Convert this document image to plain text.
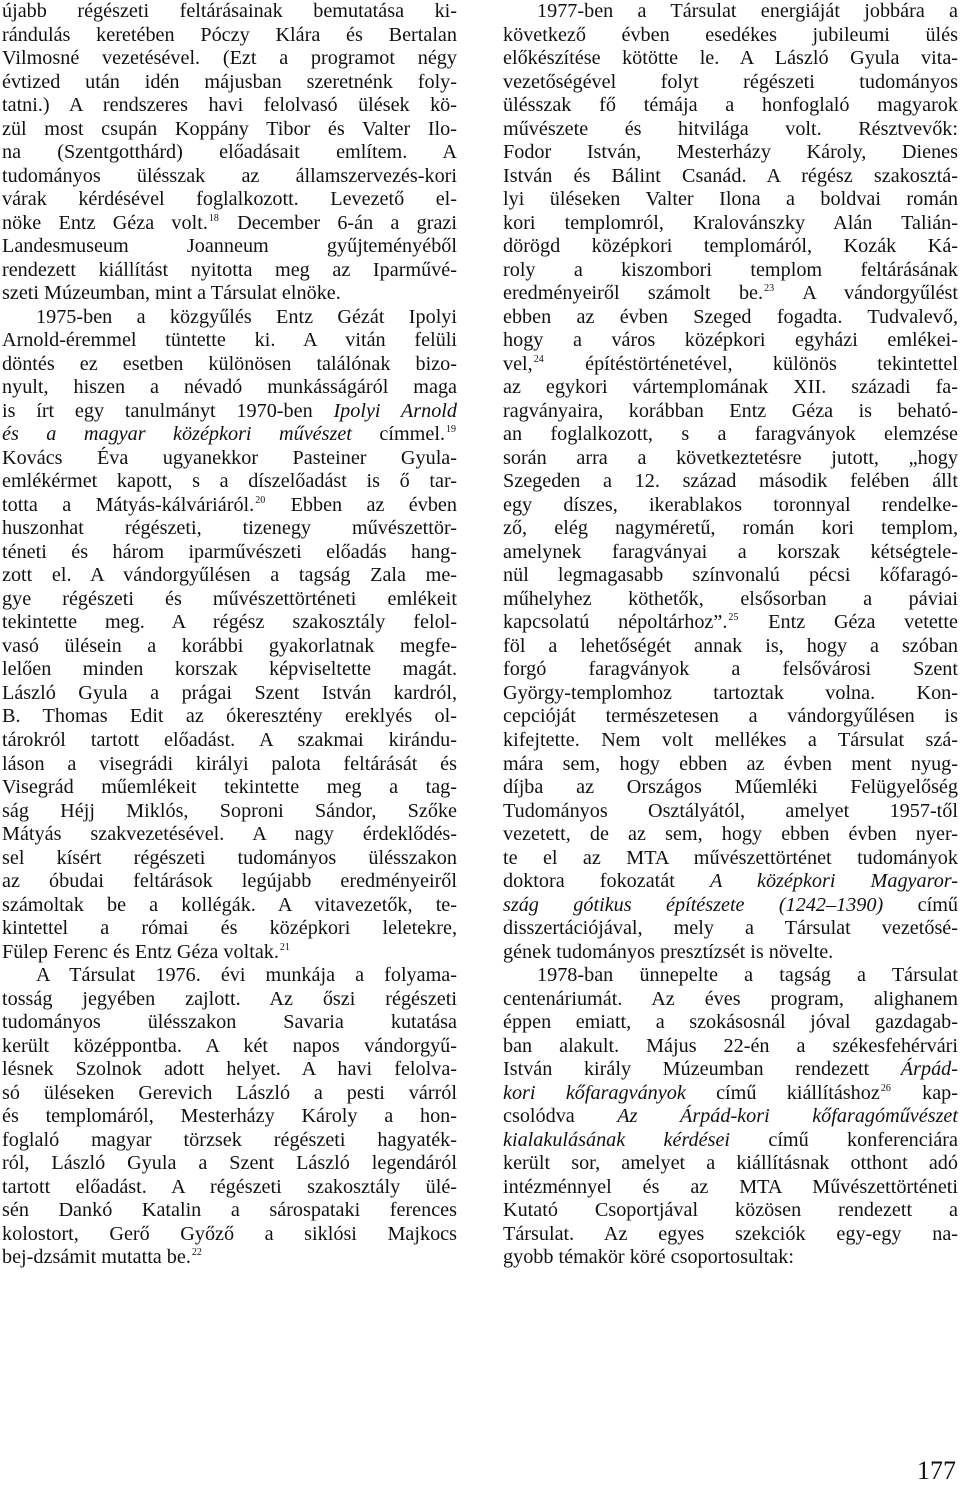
újabb régészeti feltárásainak bemutatása ki-
rándulás keretében Póczy Klára és Bertalan
Vilmosné vezetésével. (Ezt a programot négy
évtized után idén májusban szeretnénk foly-
tatni.) A rendszeres havi felolvasó ülések kö-
zül most csupán Koppány Tibor és Valter Ilo-
na (Szentgotthárd) előadásait említem. A
tudományos ülésszak az államszervezés-kori
várak kérdésével foglalkozott. Levezető el-
nöke Entz Géza volt.$^{18}$ December 6-án a grazi
Landesmuseum Joanneum gyűjteményéből
rendezett kiállítást nyitotta meg az Iparművé-
szeti Múzeumban, mint a Társulat elnöke.
1975-ben a közgyűlés Entz Gézát Ipolyi
Arnold-éremmel tüntette ki. A vitán felüli
döntés ez esetben különösen találónak bizo-
nyult, hiszen a névadó munkásságáról maga
is írt egy tanulmányt 1970-ben Ipolyi Arnold
és a magyar középkori művészet címmel.$^{19}$
Kovács Éva ugyanekkor Pasteiner Gyula-
emlékérmet kapott, s a díszelőadást is ő tar-
totta a Mátyás-kálváriáról.$^{20}$ Ebben az évben
huszonhat régészeti, tizenegy művészettör-
téneti és három iparművészeti előadás hang-
zott el. A vándorgyűlésen a tagság Zala me-
gye régészeti és művészettörténeti emlékeit
tekintette meg. A régész szakosztály felol-
vasó ülésein a korábbi gyakorlatnak megfe-
lelően minden korszak képviseltette magát.
László Gyula a prágai Szent István kardról,
B. Thomas Edit az ókeresztény ereklyés ol-
tárokról tartott előadást. A szakmai kirándu-
láson a visegrádi királyi palota feltárását és
Visegrád műemlékeit tekintette meg a tag-
ság Héjj Miklós, Soproni Sándor, Szőke
Mátyás szakvezetésével. A nagy érdeklődés-
sel kísért régészeti tudományos ülésszakon
az óbudai feltárások legújabb eredményeiről
számoltak be a kollégák. A vitavezetők, te-
kintettel a római és középkori leletekre,
Fülep Ferenc és Entz Géza voltak.$^{21}$
A Társulat 1976. évi munkája a folyama-
tosság jegyében zajlott. Az őszi régészeti
tudományos ülésszakon Savaria kutatása
került középpontba. A két napos vándorgyű-
lésnek Szolnok adott helyet. A havi felolva-
só üléseken Gerevich László a pesti várról
és templomáról, Mesterházy Károly a hon-
foglaló magyar törzsek régészeti hagyaték-
ról, László Gyula a Szent László legendáról
tartott előadást. A régészeti szakosztály ülé-
sén Dankó Katalin a sárospataki ferences
kolostort, Gerő Győző a siklósi Majkocs
bej-dzsámit mutatta be.$^{22}$
1977-ben a Társulat energiáját jobbára a
következő évben esedékes jubileumi ülés
előkészítése kötötte le. A László Gyula vita-
vezetőségével folyt régészeti tudományos
ülésszak fő témája a honfoglaló magyarok
művészete és hitvilága volt. Résztvevők:
Fodor István, Mesterházy Károly, Dienes
István és Bálint Csanád. A régész szakosztá-
lyi üléseken Valter Ilona a boldvai román
kori templomról, Kralovánszky Alán Talián-
dörögd középkori templomáról, Kozák Ká-
roly a kiszombori templom feltárásának
eredményeiről számolt be.$^{23}$ A vándorgyűlést
ebben az évben Szeged fogadta. Tudvalevő,
hogy a város középkori egyházi emlékei-
vel,$^{24}$ építéstörténetével, különös tekintettel
az egykori vártemplomának XII. századi fa-
ragványaira, korábban Entz Géza is beható-
an foglalkozott, s a faragványok elemzése
során arra a következtetésre jutott, „hogy
Szegeden a 12. század második felében állt
egy díszes, ikerablakos toronnyal rendelke-
ző, elég nagyméretű, román kori templom,
amelynek faragványai a korszak kétségtele-
nül legmagasabb színvonalú pécsi kőfaragó-
műhelyhez köthetők, elsősorban a páviai
kapcsolatú népoltárhoz”.$^{25}$ Entz Géza vetette
föl a lehetőségét annak is, hogy a szóban
forgó faragványok a felsővárosi Szent
György-templomhoz tartoztak volna. Kon-
cepcióját természetesen a vándorgyűlésen is
kifejtette. Nem volt mellékes a Társulat szá-
mára sem, hogy ebben az évben ment nyug-
díjba az Országos Műemléki Felügyelőség
Tudományos Osztályától, amelyet 1957-től
vezetett, de az sem, hogy ebben évben nyer-
te el az MTA művészettörténet tudományok
doktora fokozatát A középkori Magyaror-
szág gótikus építészete (1242–1390) című
disszertációjával, mely a Társulat vezetősé-
gének tudományos presztízsét is növelte.
1978-ban ünnepelte a tagság a Társulat
centenáriumát. Az éves program, alighanem
éppen emiatt, a szokásosnál jóval gazdagab-
ban alakult. Május 22-én a székesfehérvári
István király Múzeumban rendezett Árpád-
kori kőfaragványok című kiállításhoz$^{26}$ kap-
csolódva Az Árpád-kori kőfaragóművészet
kialakulásának kérdései című konferenciára
került sor, amelyet a kiállításnak otthont adó
intézménnyel és az MTA Művészettörténeti
Kutató Csoportjával közösen rendezett a
Társulat. Az egyes szekciók egy-egy na-
gyobb témakör köré csoportosultak:
177
